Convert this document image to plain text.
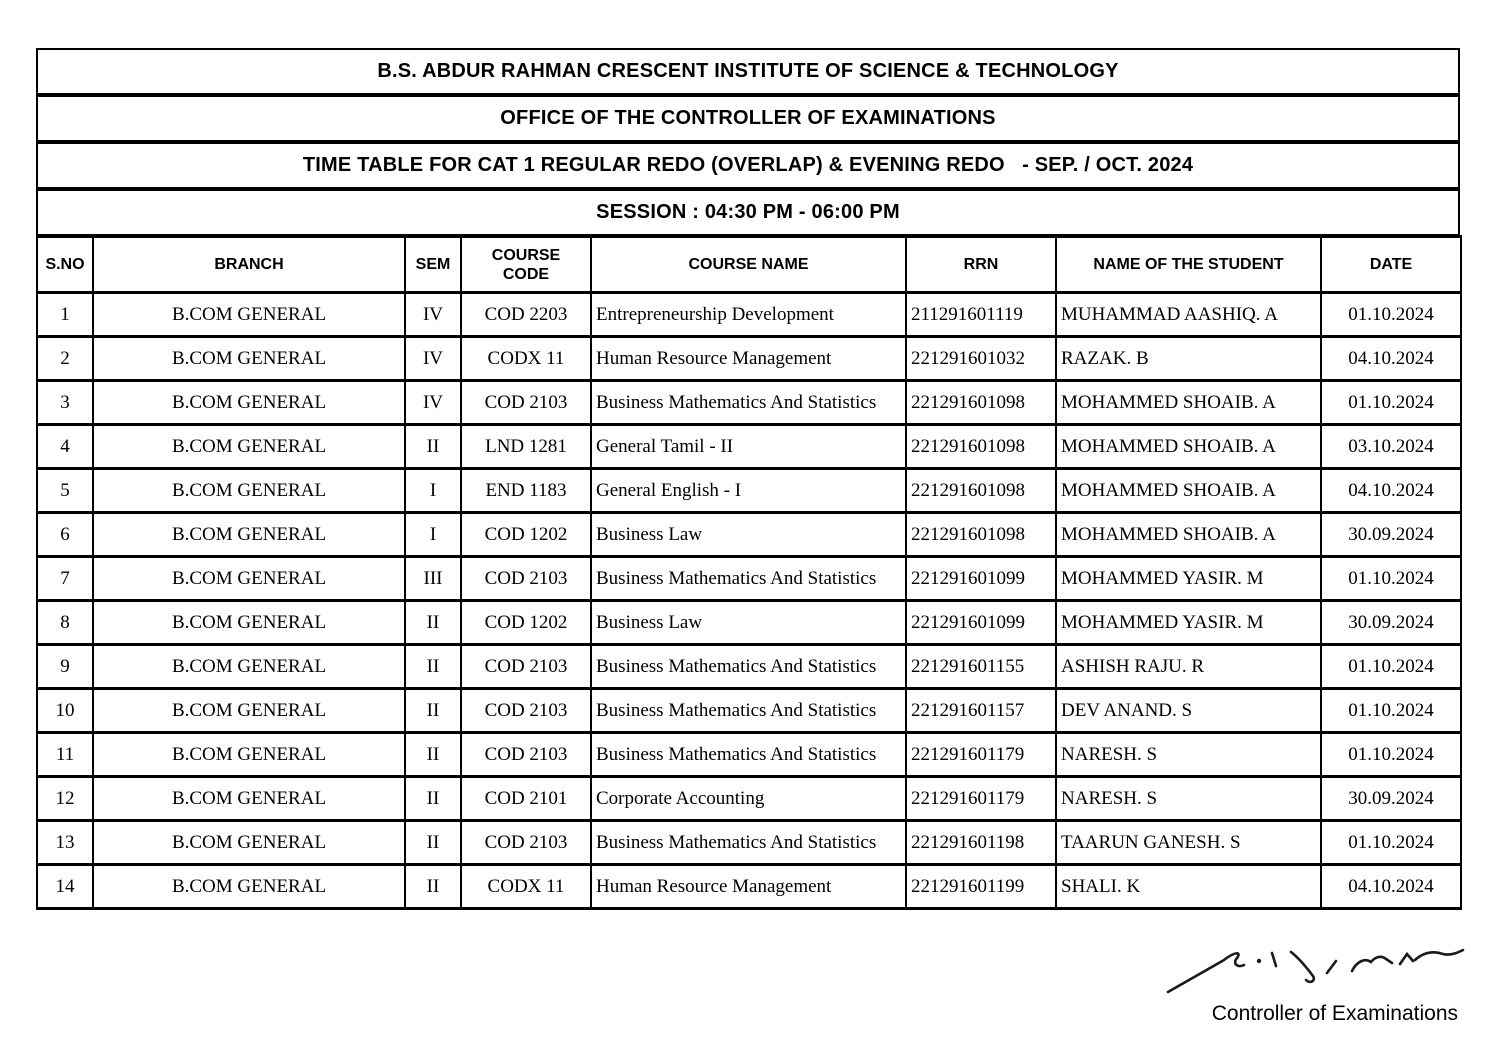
B.S. ABDUR RAHMAN CRESCENT INSTITUTE OF SCIENCE & TECHNOLOGY
OFFICE OF THE CONTROLLER OF EXAMINATIONS
TIME TABLE FOR CAT 1 REGULAR REDO (OVERLAP) & EVENING REDO   - SEP. / OCT. 2024
SESSION : 04:30 PM - 06:00 PM
S.NO	BRANCH	SEM	COURSE CODE	COURSE NAME	RRN	NAME OF THE STUDENT	DATE
1	B.COM GENERAL	IV	COD 2203	Entrepreneurship Development	211291601119	MUHAMMAD AASHIQ. A	01.10.2024
2	B.COM GENERAL	IV	CODX 11	Human Resource Management	221291601032	RAZAK. B	04.10.2024
3	B.COM GENERAL	IV	COD 2103	Business Mathematics And Statistics	221291601098	MOHAMMED SHOAIB. A	01.10.2024
4	B.COM GENERAL	II	LND 1281	General Tamil - II	221291601098	MOHAMMED SHOAIB. A	03.10.2024
5	B.COM GENERAL	I	END 1183	General English - I	221291601098	MOHAMMED SHOAIB. A	04.10.2024
6	B.COM GENERAL	I	COD 1202	Business Law	221291601098	MOHAMMED SHOAIB. A	30.09.2024
7	B.COM GENERAL	III	COD 2103	Business Mathematics And Statistics	221291601099	MOHAMMED YASIR. M	01.10.2024
8	B.COM GENERAL	II	COD 1202	Business Law	221291601099	MOHAMMED YASIR. M	30.09.2024
9	B.COM GENERAL	II	COD 2103	Business Mathematics And Statistics	221291601155	ASHISH RAJU. R	01.10.2024
10	B.COM GENERAL	II	COD 2103	Business Mathematics And Statistics	221291601157	DEV ANAND. S	01.10.2024
11	B.COM GENERAL	II	COD 2103	Business Mathematics And Statistics	221291601179	NARESH. S	01.10.2024
12	B.COM GENERAL	II	COD 2101	Corporate Accounting	221291601179	NARESH. S	30.09.2024
13	B.COM GENERAL	II	COD 2103	Business Mathematics And Statistics	221291601198	TAARUN GANESH. S	01.10.2024
14	B.COM GENERAL	II	CODX 11	Human Resource Management	221291601199	SHALI. K	04.10.2024
Controller of Examinations
